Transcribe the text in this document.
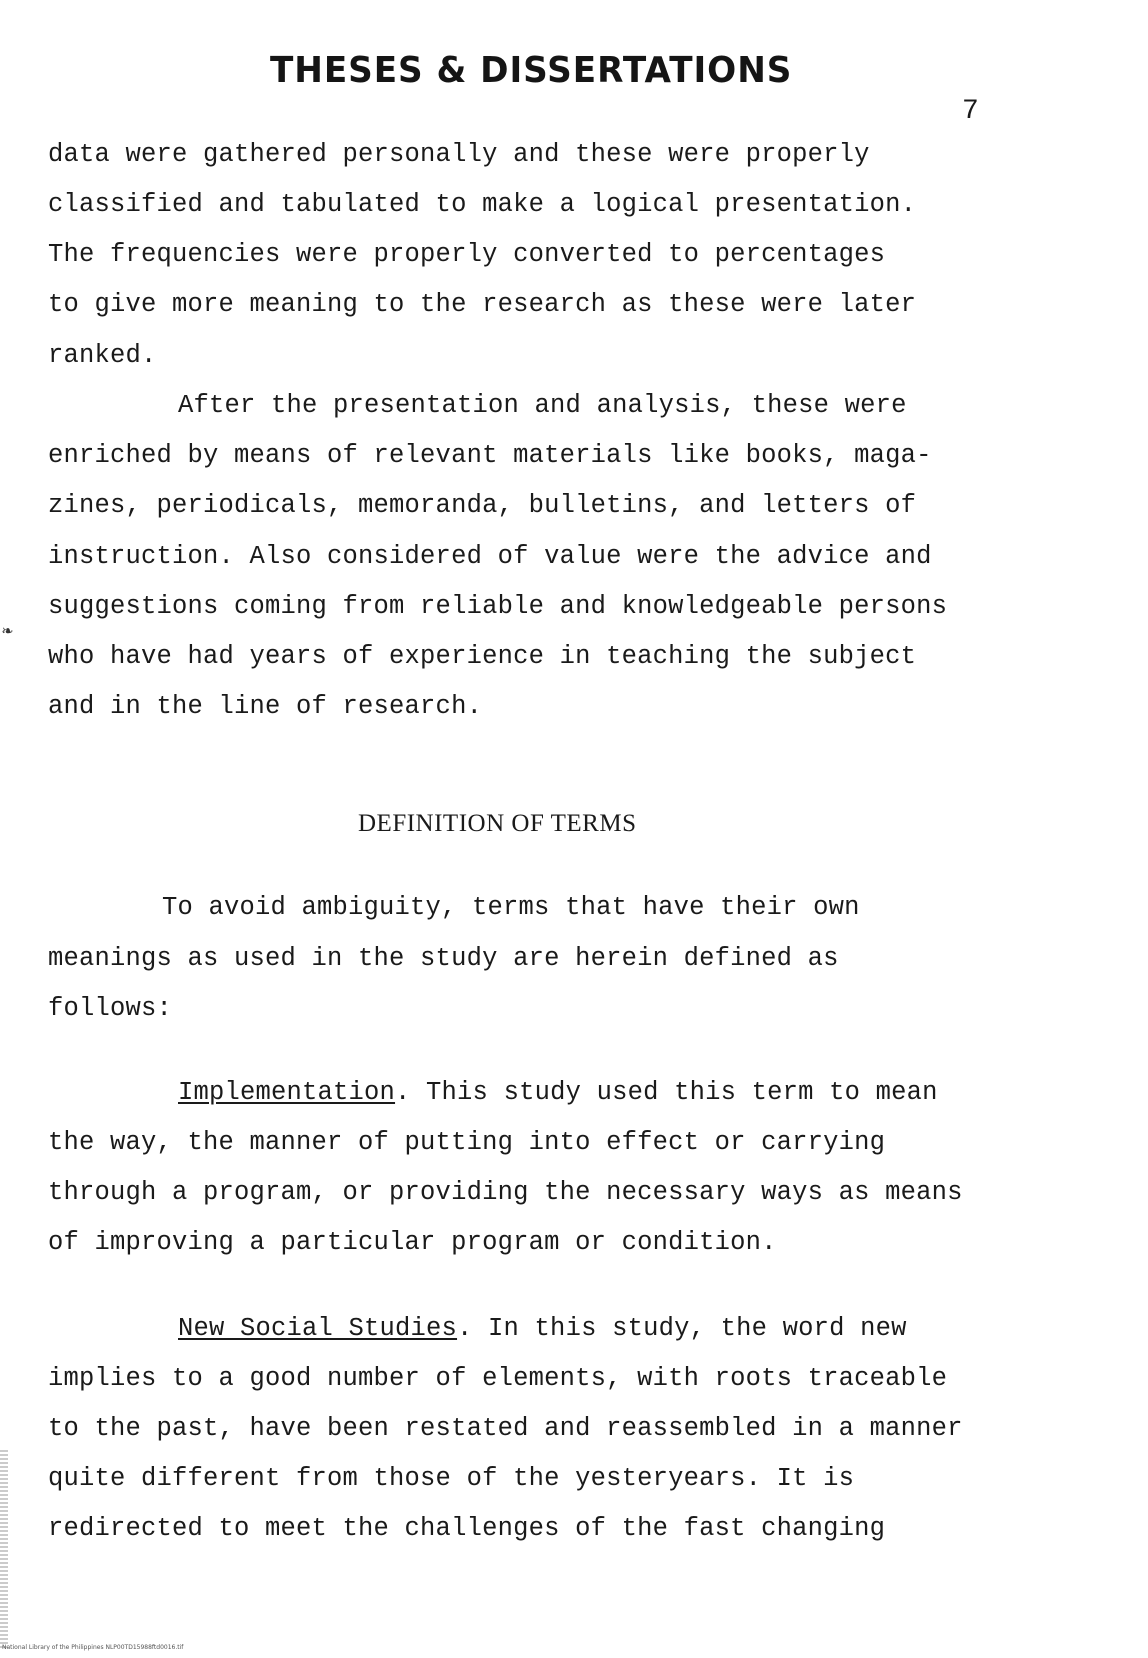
THESES & DISSERTATIONS
7
data were gathered personally and these were properly
classified and tabulated to make a logical presentation.
The frequencies were properly converted to percentages
to give more meaning to the research as these were later
ranked.
After the presentation and analysis, these were
enriched by means of relevant materials like books, maga-
zines, periodicals, memoranda, bulletins, and letters of
instruction. Also considered of value were the advice and
suggestions coming from reliable and knowledgeable persons
who have had years of experience in teaching the subject
and in the line of research.
DEFINITION OF TERMS
To avoid ambiguity, terms that have their own
meanings as used in the study are herein defined as
follows:
Implementation. This study used this term to mean
the way, the manner of putting into effect or carrying
through a program, or providing the necessary ways as means
of improving a particular program or condition.
New Social Studies. In this study, the word new
implies to a good number of elements, with roots traceable
to the past, have been restated and reassembled in a manner
quite different from those of the yesteryears. It is
redirected to meet the challenges of the fast changing
❧
National Library of the Philippines NLP00TD15988ftd0016.tif
